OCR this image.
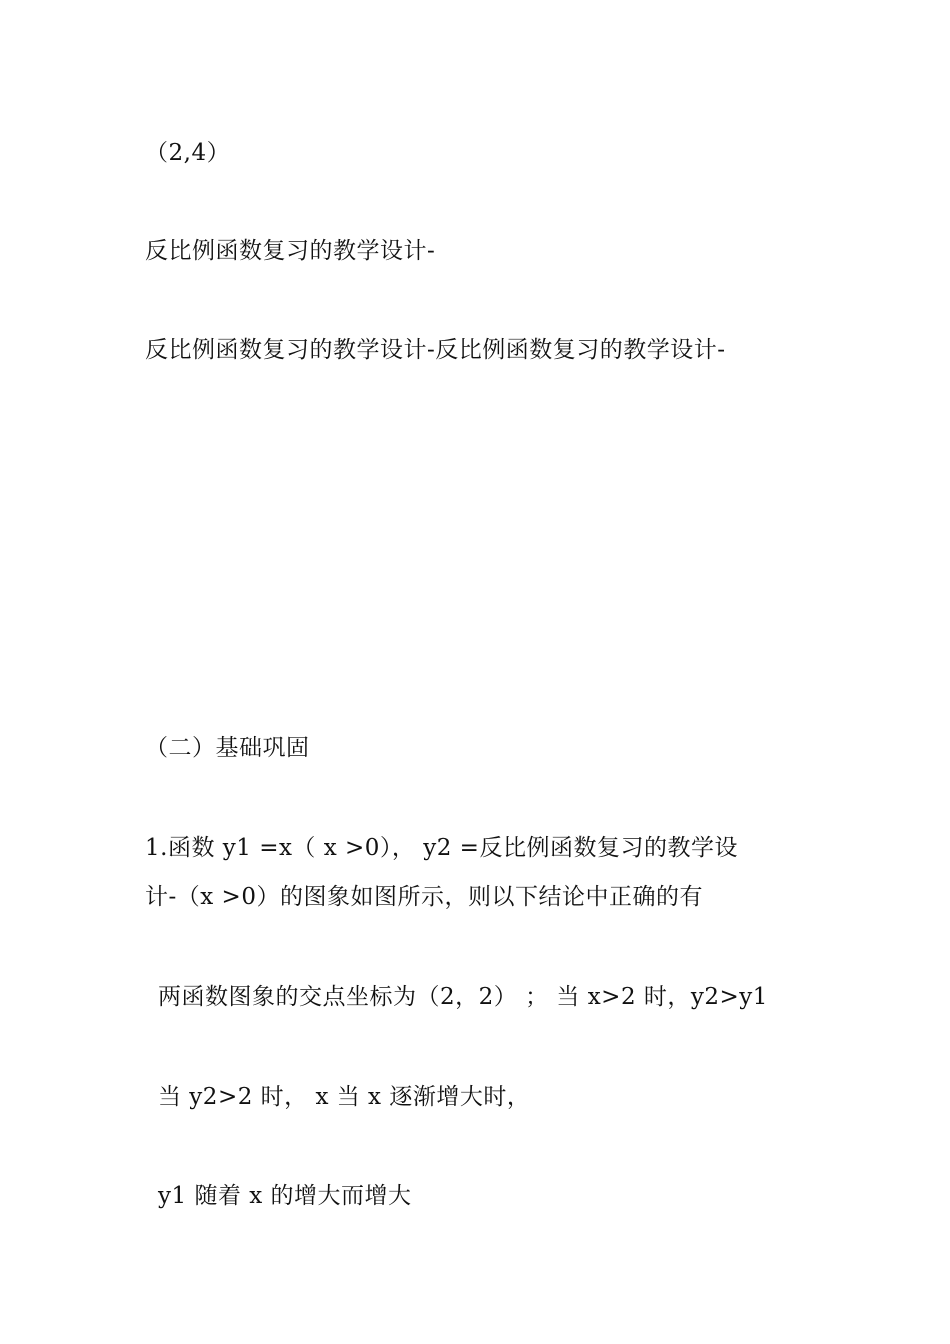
（2,4）
反比例函数复习的教学设计-
反比例函数复习的教学设计-反比例函数复习的教学设计-
（二）基础巩固
1.函数 y1 =x（ x >0）， y2 =反比例函数复习的教学设
计-（x >0）的图象如图所示，则以下结论中正确的有
两函数图象的交点坐标为（2，2） ； 当 x>2 时，y2>y1
当 y2>2 时， x 当 x 逐渐增大时，
y1 随着 x 的增大而增大
